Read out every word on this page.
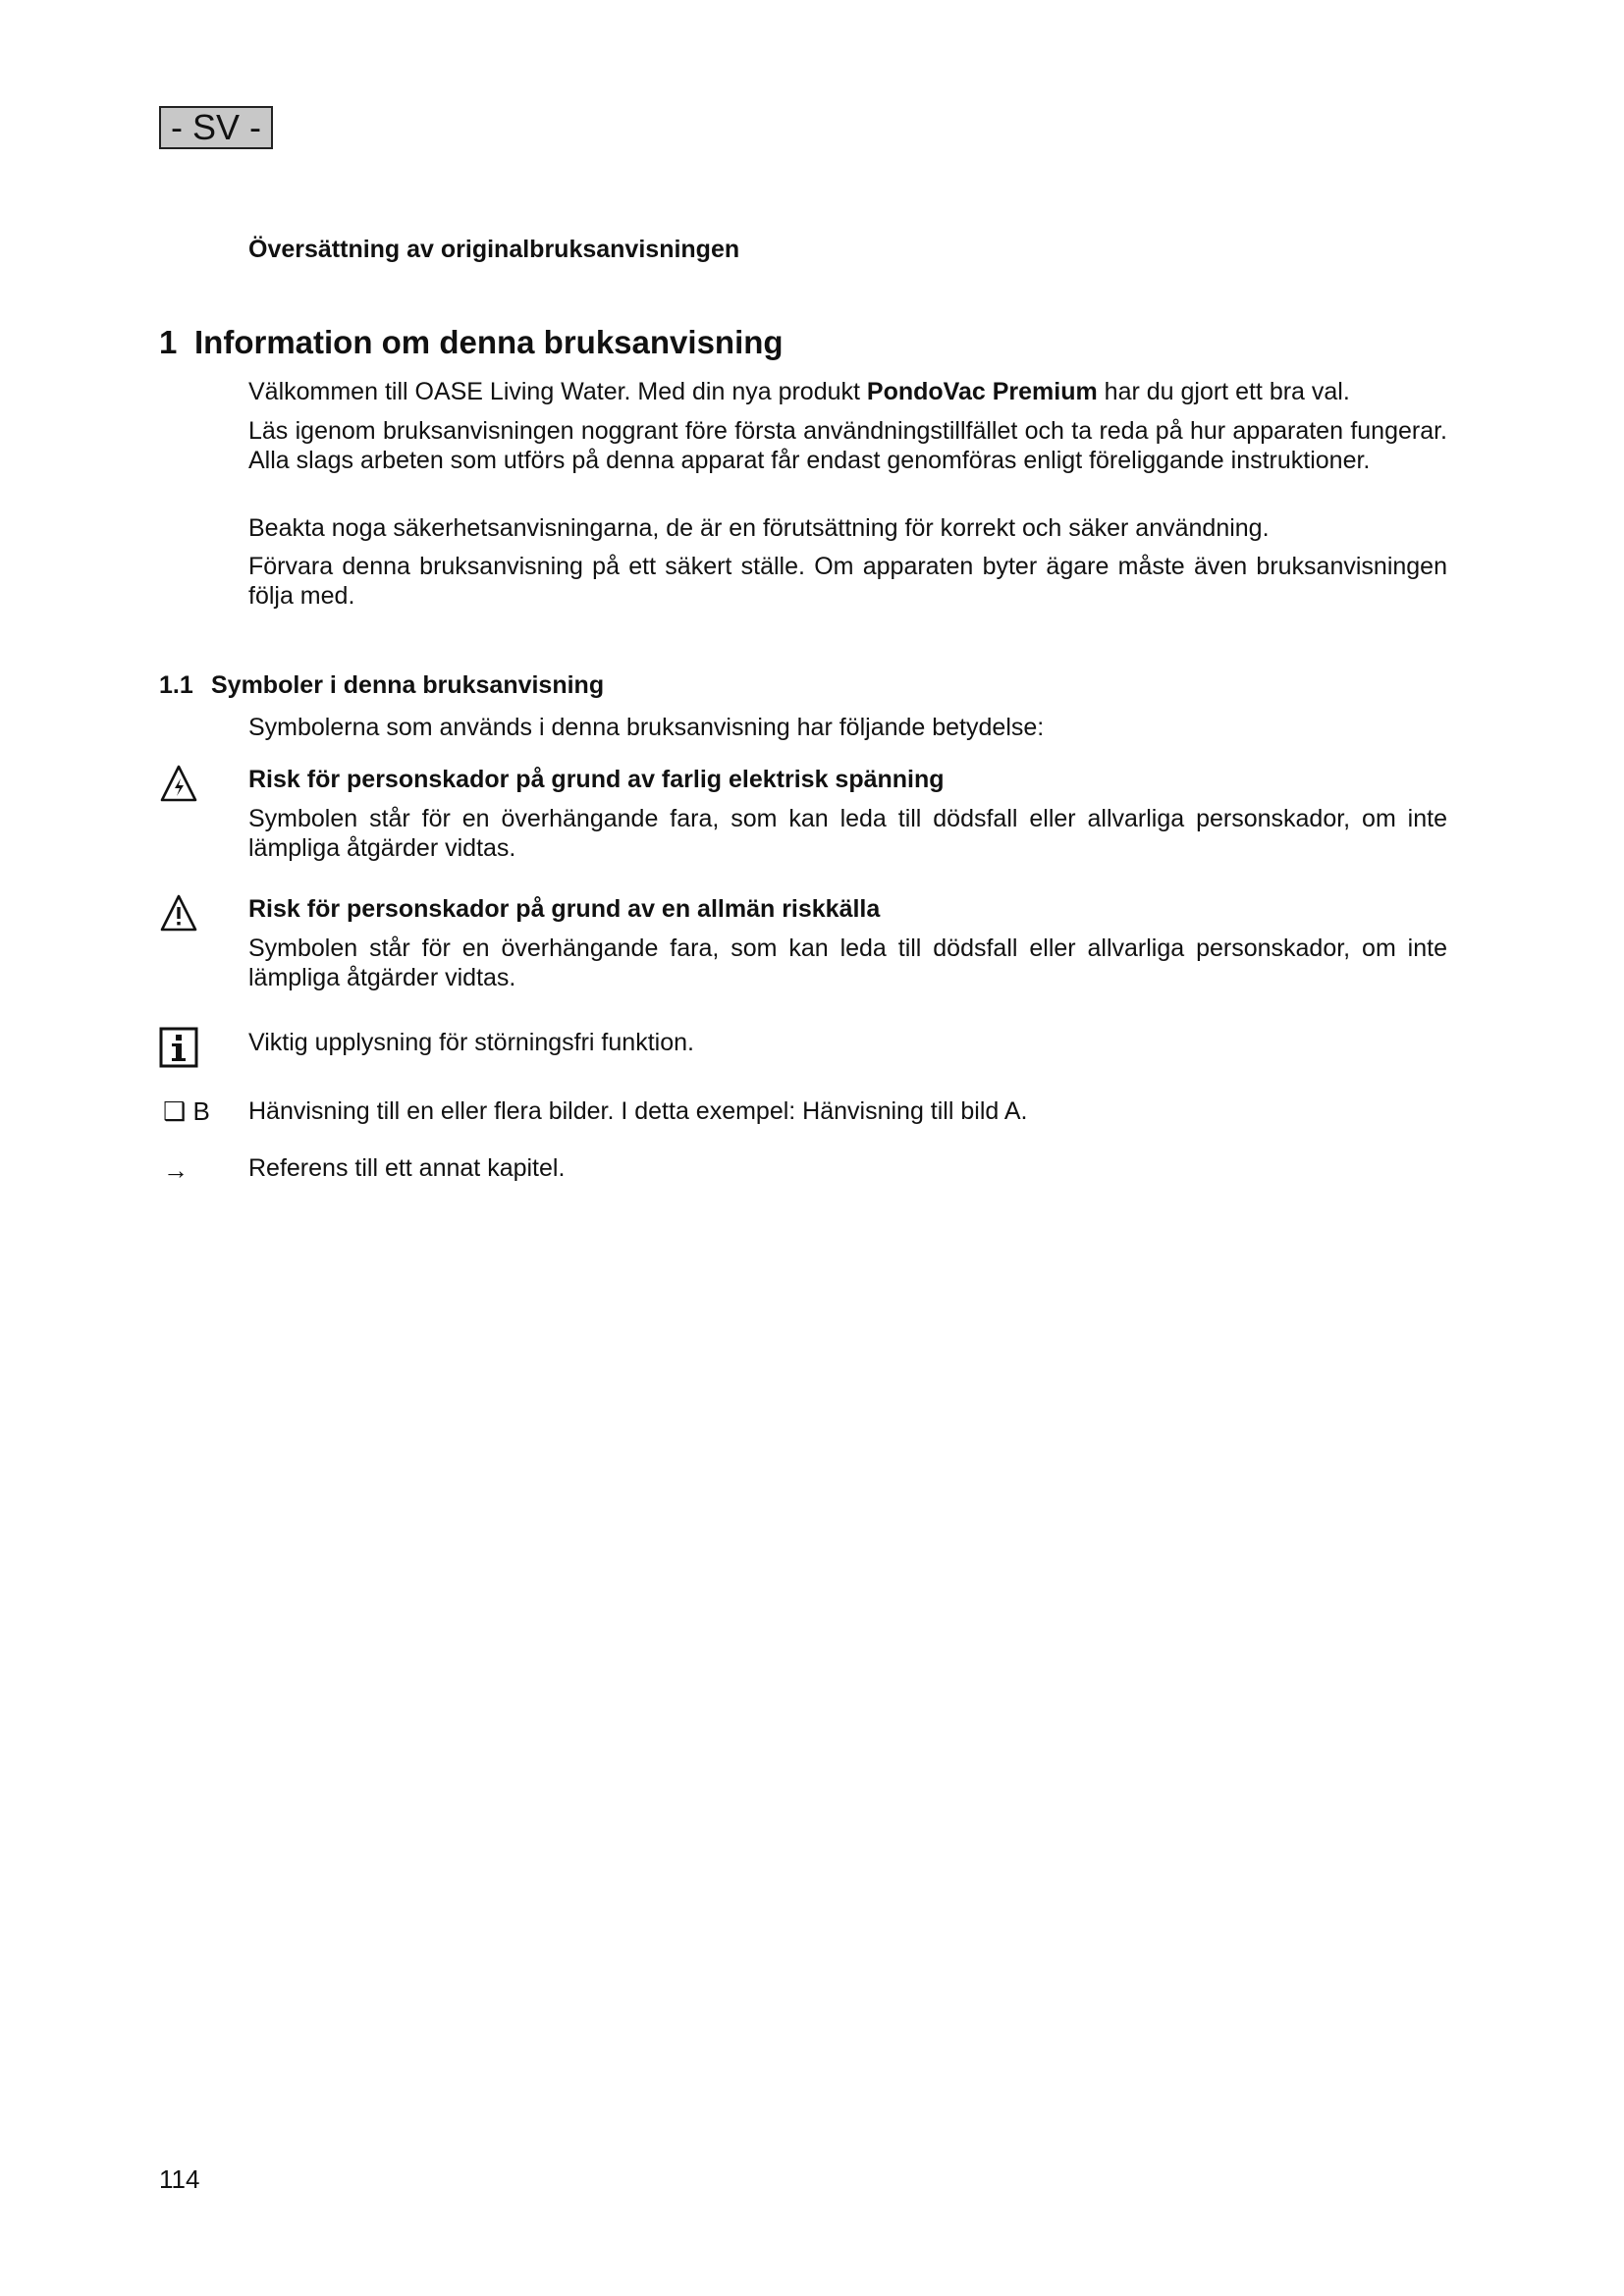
- SV -
Översättning av originalbruksanvisningen
1 Information om denna bruksanvisning
Välkommen till OASE Living Water. Med din nya produkt PondoVac Premium har du gjort ett bra val.
Läs igenom bruksanvisningen noggrant före första användningstillfället och ta reda på hur apparaten fungerar. Alla slags arbeten som utförs på denna apparat får endast genomföras enligt föreliggande instruktioner.
Beakta noga säkerhetsanvisningarna, de är en förutsättning för korrekt och säker användning.
Förvara denna bruksanvisning på ett säkert ställe. Om apparaten byter ägare måste även bruksanvisningen följa med.
1.1 Symboler i denna bruksanvisning
Symbolerna som används i denna bruksanvisning har följande betydelse:
Risk för personskador på grund av farlig elektrisk spänning
Symbolen står för en överhängande fara, som kan leda till dödsfall eller allvarliga personskador, om inte lämpliga åtgärder vidtas.
Risk för personskador på grund av en allmän riskkälla
Symbolen står för en överhängande fara, som kan leda till dödsfall eller allvarliga personskador, om inte lämpliga åtgärder vidtas.
Viktig upplysning för störningsfri funktion.
❑ B Hänvisning till en eller flera bilder. I detta exempel: Hänvisning till bild A.
→ Referens till ett annat kapitel.
114
